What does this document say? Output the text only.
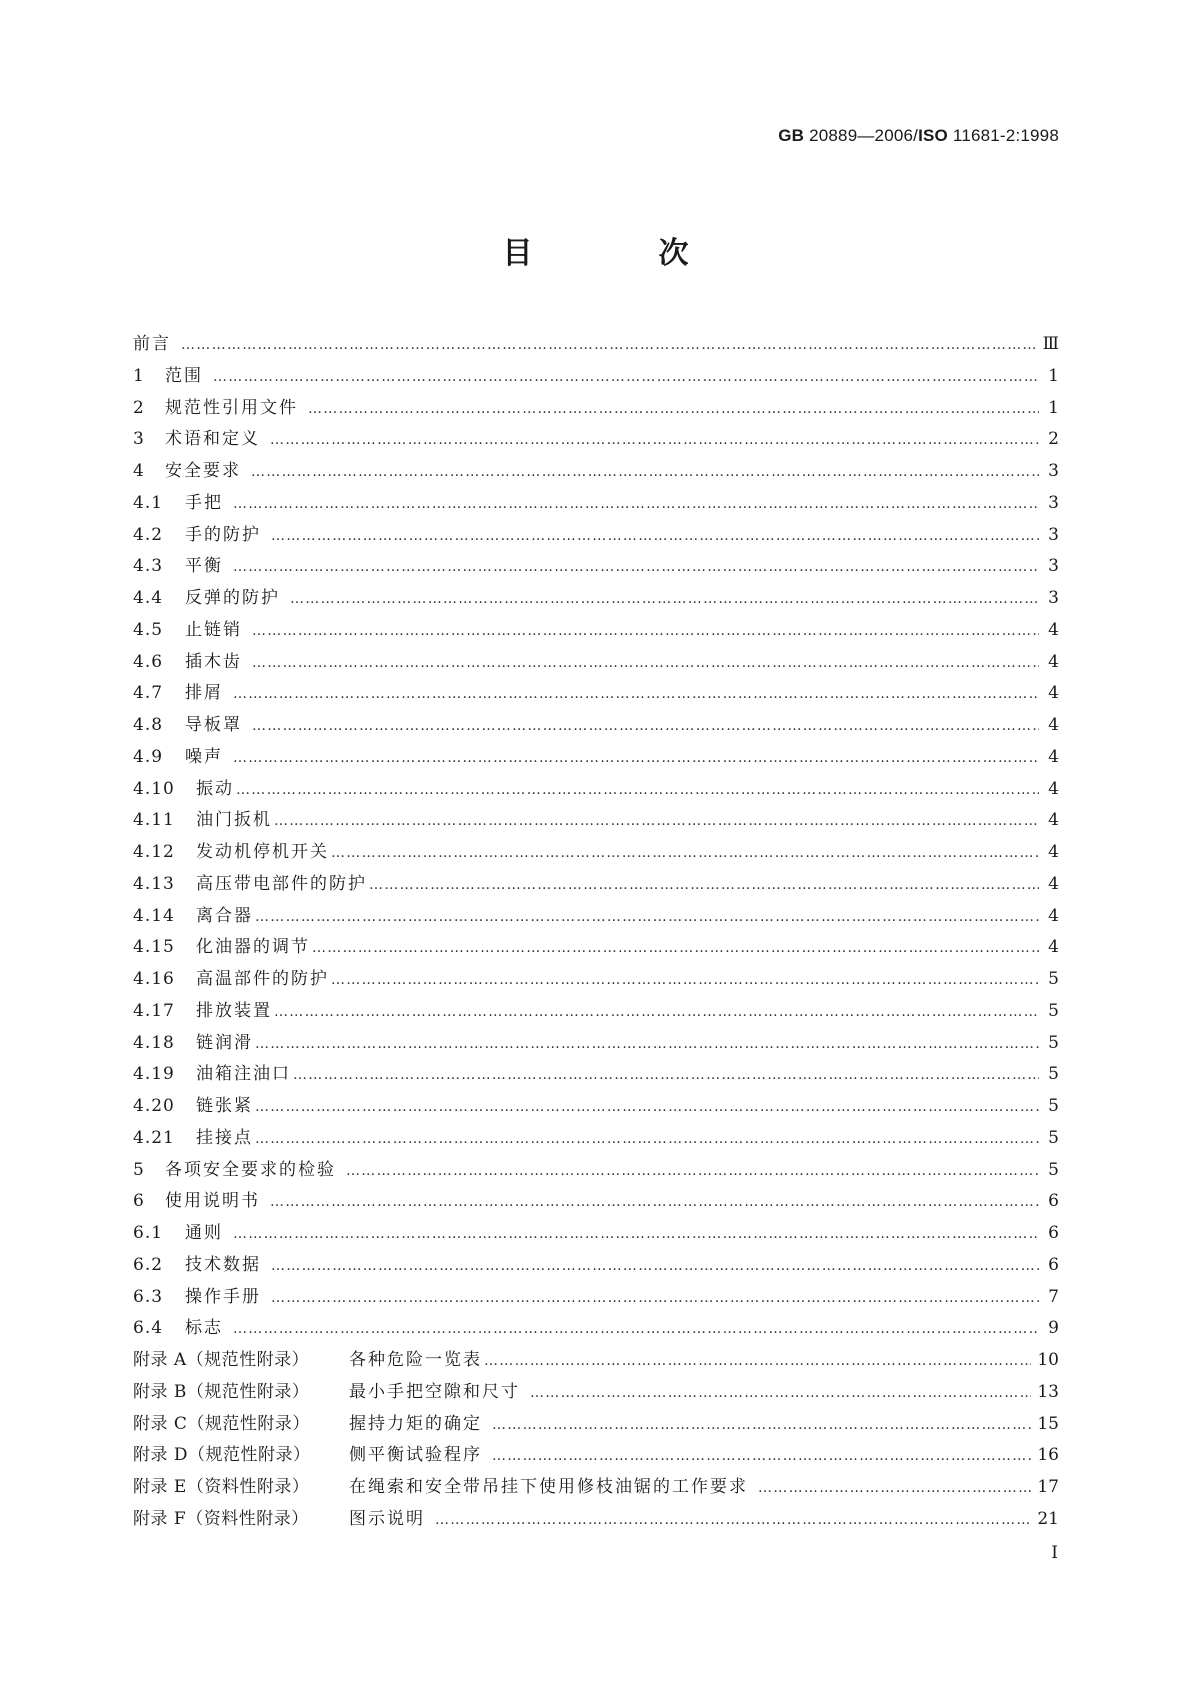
GB 20889—2006/ISO 11681-2:1998
目　次
前言 ……………………………………………………………………………………………………………………………………………………………………………………	Ⅲ
1	范围 ……………………………………………………………………………………………………………………………………………………………………………………	1
2	规范性引用文件 ……………………………………………………………………………………………………………………………………………………………………………………	1
3	术语和定义 ……………………………………………………………………………………………………………………………………………………………………………………	2
4	安全要求 ……………………………………………………………………………………………………………………………………………………………………………………	3
4.1	手把 ……………………………………………………………………………………………………………………………………………………………………………………	3
4.2	手的防护 ……………………………………………………………………………………………………………………………………………………………………………………	3
4.3	平衡 ……………………………………………………………………………………………………………………………………………………………………………………	3
4.4	反弹的防护 ……………………………………………………………………………………………………………………………………………………………………………………	3
4.5	止链销 ……………………………………………………………………………………………………………………………………………………………………………………	4
4.6	插木齿 ……………………………………………………………………………………………………………………………………………………………………………………	4
4.7	排屑 ……………………………………………………………………………………………………………………………………………………………………………………	4
4.8	导板罩 ……………………………………………………………………………………………………………………………………………………………………………………	4
4.9	噪声 ……………………………………………………………………………………………………………………………………………………………………………………	4
4.10	振动 ……………………………………………………………………………………………………………………………………………………………………………………	4
4.11	油门扳机 ……………………………………………………………………………………………………………………………………………………………………………………	4
4.12	发动机停机开关 ……………………………………………………………………………………………………………………………………………………………………………………	4
4.13	高压带电部件的防护 ……………………………………………………………………………………………………………………………………………………………………………………	4
4.14	离合器 ……………………………………………………………………………………………………………………………………………………………………………………	4
4.15	化油器的调节 ……………………………………………………………………………………………………………………………………………………………………………………	4
4.16	高温部件的防护 ……………………………………………………………………………………………………………………………………………………………………………………	5
4.17	排放装置 ……………………………………………………………………………………………………………………………………………………………………………………	5
4.18	链润滑 ……………………………………………………………………………………………………………………………………………………………………………………	5
4.19	油箱注油口 ……………………………………………………………………………………………………………………………………………………………………………………	5
4.20	链张紧 ……………………………………………………………………………………………………………………………………………………………………………………	5
4.21	挂接点 ……………………………………………………………………………………………………………………………………………………………………………………	5
5	各项安全要求的检验 ……………………………………………………………………………………………………………………………………………………………………………………	5
6	使用说明书 ……………………………………………………………………………………………………………………………………………………………………………………	6
6.1	通则 ……………………………………………………………………………………………………………………………………………………………………………………	6
6.2	技术数据 ……………………………………………………………………………………………………………………………………………………………………………………	6
6.3	操作手册 ……………………………………………………………………………………………………………………………………………………………………………………	7
6.4	标志 ……………………………………………………………………………………………………………………………………………………………………………………	9
附录 A（规范性附录）	各种危险一览表 ……………………………………………………………………………………………………………………………………………………………………………………	10
附录 B（规范性附录）	最小手把空隙和尺寸 ……………………………………………………………………………………………………………………………………………………………………………………	13
附录 C（规范性附录）	握持力矩的确定 ……………………………………………………………………………………………………………………………………………………………………………………	15
附录 D（规范性附录）	侧平衡试验程序 ……………………………………………………………………………………………………………………………………………………………………………………	16
附录 E（资料性附录）	在绳索和安全带吊挂下使用修枝油锯的工作要求 ……………………………………………………………………………………………………………………………………………………………………………………	17
附录 F（资料性附录）	图示说明 ……………………………………………………………………………………………………………………………………………………………………………………	21
Ⅰ
